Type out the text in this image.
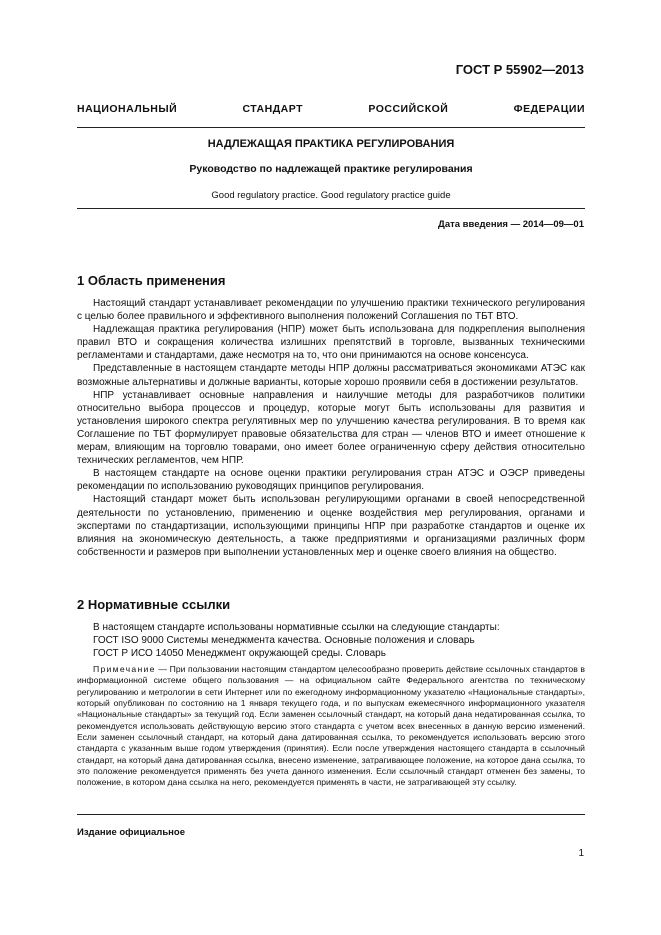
ГОСТ Р 55902—2013
НАЦИОНАЛЬНЫЙ СТАНДАРТ РОССИЙСКОЙ ФЕДЕРАЦИИ
НАДЛЕЖАЩАЯ ПРАКТИКА РЕГУЛИРОВАНИЯ
Руководство по надлежащей практике регулирования
Good regulatory practice. Good regulatory practice guide
Дата введения — 2014—09—01
1 Область применения

Настоящий стандарт устанавливает рекомендации по улучшению практики технического регулирования с целью более правильного и эффективного выполнения положений Соглашения по ТБТ ВТО.

Надлежащая практика регулирования (НПР) может быть использована для подкрепления выполнения правил ВТО и сокращения количества излишних препятствий в торговле, вызванных техническими регламентами и стандартами, даже несмотря на то, что они принимаются на основе консенсуса.

Представленные в настоящем стандарте методы НПР должны рассматриваться экономиками АТЭС как возможные альтернативы и должные варианты, которые хорошо проявили себя в достижении результатов.

НПР устанавливает основные направления и наилучшие методы для разработчиков политики относительно выбора процессов и процедур, которые могут быть использованы для развития и установления широкого спектра регулятивных мер по улучшению качества регулирования. В то время как Соглашение по ТБТ формулирует правовые обязательства для стран — членов ВТО и имеет отношение к мерам, влияющим на торговлю товарами, оно имеет более ограниченную сферу действия относительно технических регламентов, чем НПР.

В настоящем стандарте на основе оценки практики регулирования стран АТЭС и ОЭСР приведены рекомендации по использованию руководящих принципов регулирования.

Настоящий стандарт может быть использован регулирующими органами в своей непосредственной деятельности по установлению, применению и оценке воздействия мер регулирования, органами и экспертами по стандартизации, использующими принципы НПР при разработке стандартов и оценке их влияния на экономическую деятельность, а также предприятиями и организациями различных форм собственности и размеров при выполнении установленных мер и оценке своего влияния на общество.

2 Нормативные ссылки

В настоящем стандарте использованы нормативные ссылки на следующие стандарты:

ГОСТ ISO 9000 Системы менеджмента качества. Основные положения и словарь

ГОСТ Р ИСО 14050 Менеджмент окружающей среды. Словарь

Примечание — При пользовании настоящим стандартом целесообразно проверить действие ссылочных стандартов в информационной системе общего пользования — на официальном сайте Федерального агентства по техническому регулированию и метрологии в сети Интернет или по ежегодному информационному указателю «Национальные стандарты», который опубликован по состоянию на 1 января текущего года, и по выпускам ежемесячного информационного указателя «Национальные стандарты» за текущий год. Если заменен ссылочный стандарт, на который дана недатированная ссылка, то рекомендуется использовать действующую версию этого стандарта с учетом всех внесенных в данную версию изменений. Если заменен ссылочный стандарт, на который дана датированная ссылка, то рекомендуется использовать версию этого стандарта с указанным выше годом утверждения (принятия). Если после утверждения настоящего стандарта в ссылочный стандарт, на который дана датированная ссылка, внесено изменение, затрагивающее положение, на которое дана ссылка, то это положение рекомендуется применять без учета данного изменения. Если ссылочный стандарт отменен без замены, то положение, в котором дана ссылка на него, рекомендуется применять в части, не затрагивающей эту ссылку.

Издание официальное
1
